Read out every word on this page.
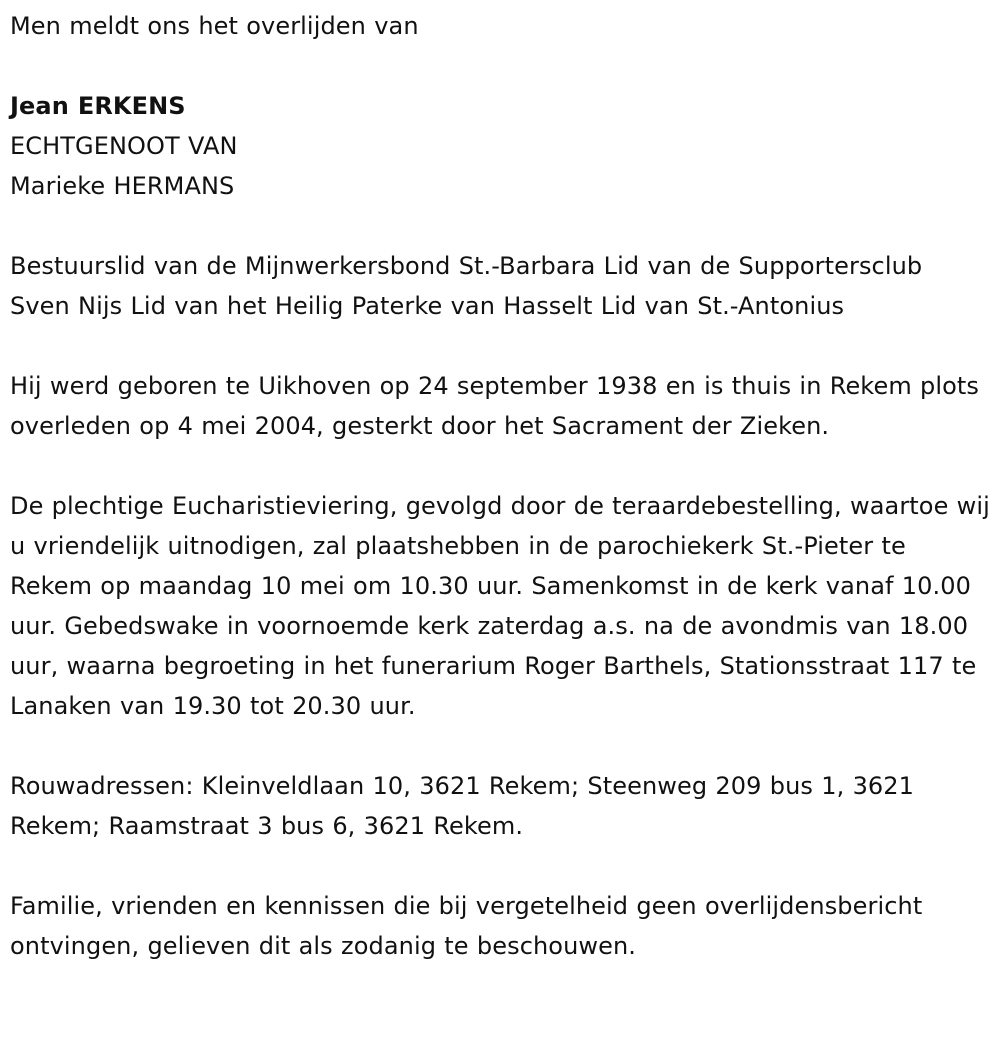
Men meldt ons het overlijden van

Jean ERKENS

ECHTGENOOT VAN

Marieke HERMANS

Bestuurslid van de Mijnwerkersbond St.-Barbara Lid van de Supportersclub Sven Nijs Lid van het Heilig Paterke van Hasselt Lid van St.-Antonius

Hij werd geboren te Uikhoven op 24 september 1938 en is thuis in Rekem plots overleden op 4 mei 2004, gesterkt door het Sacrament der Zieken.

De plechtige Eucharistieviering, gevolgd door de teraardebestelling, waartoe wij u vriendelijk uitnodigen, zal plaatshebben in de parochiekerk St.-Pieter te Rekem op maandag 10 mei om 10.30 uur. Samenkomst in de kerk vanaf 10.00 uur. Gebedswake in voornoemde kerk zaterdag a.s. na de avondmis van 18.00 uur, waarna begroeting in het funerarium Roger Barthels, Stationsstraat 117 te Lanaken van 19.30 tot 20.30 uur.

Rouwadressen: Kleinveldlaan 10, 3621 Rekem; Steenweg 209 bus 1, 3621 Rekem; Raamstraat 3 bus 6, 3621 Rekem.

Familie, vrienden en kennissen die bij vergetelheid geen overlijdensbericht ontvingen, gelieven dit als zodanig te beschouwen.
